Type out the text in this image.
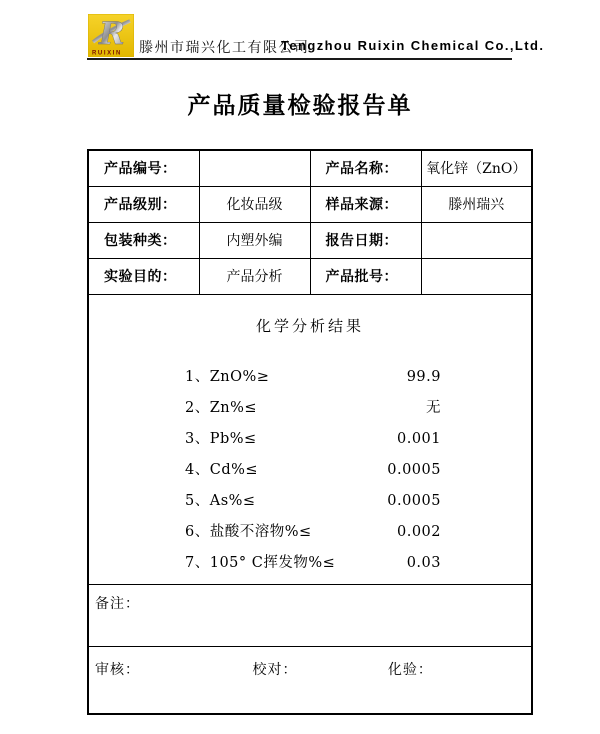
R
RUIXIN 滕州市瑞兴化工有限公司
Tengzhou Ruixin Chemical Co.,Ltd.
产品质量检验报告单
产品编号：		产品名称：	氧化锌（ZnO）
产品级别：	化妆品级	样品来源：	滕州瑞兴
包装种类：	内塑外编	报告日期：	
实验目的：	产品分析	产品批号：	

化学分析结果
1、ZnO%≥	99.9
2、Zn%≤	无
3、Pb%≤	0.001
4、Cd%≤	0.0005
5、As%≤	0.0005
6、盐酸不溶物%≤	0.002
7、105° C挥发物%≤	0.03

备注：			
审核： 校对： 化验：			
